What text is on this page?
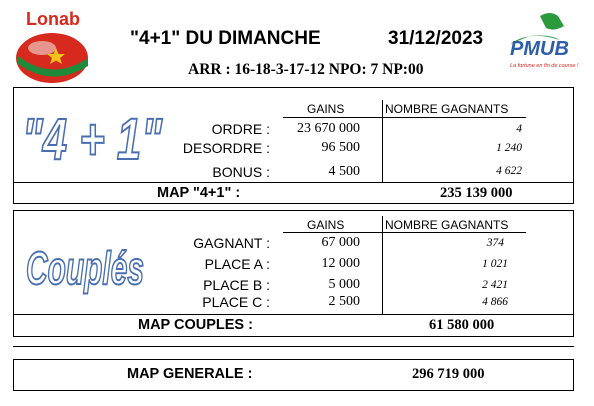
Lonab
PMUB
La fortune en fin de course !
"4+1" DU DIMANCHE	31/12/2023
ARR : 16-18-3-17-12 NPO: 7 NP:00
"4 + 1"	GAINS	NOMBRE GAGNANTS
ORDRE :	23 670 000	4
DESORDRE :	96 500	1 240
BONUS :	4 500	4 622
MAP "4+1" :	235 139 000
Couplés
GAINS	NOMBRE GAGNANTS
GAGNANT :	67 000	374
PLACE A :	12 000	1 021
PLACE B :	5 000	2 421
PLACE C :	2 500	4 866
MAP COUPLES :	61 580 000
MAP GENERALE :	296 719 000
